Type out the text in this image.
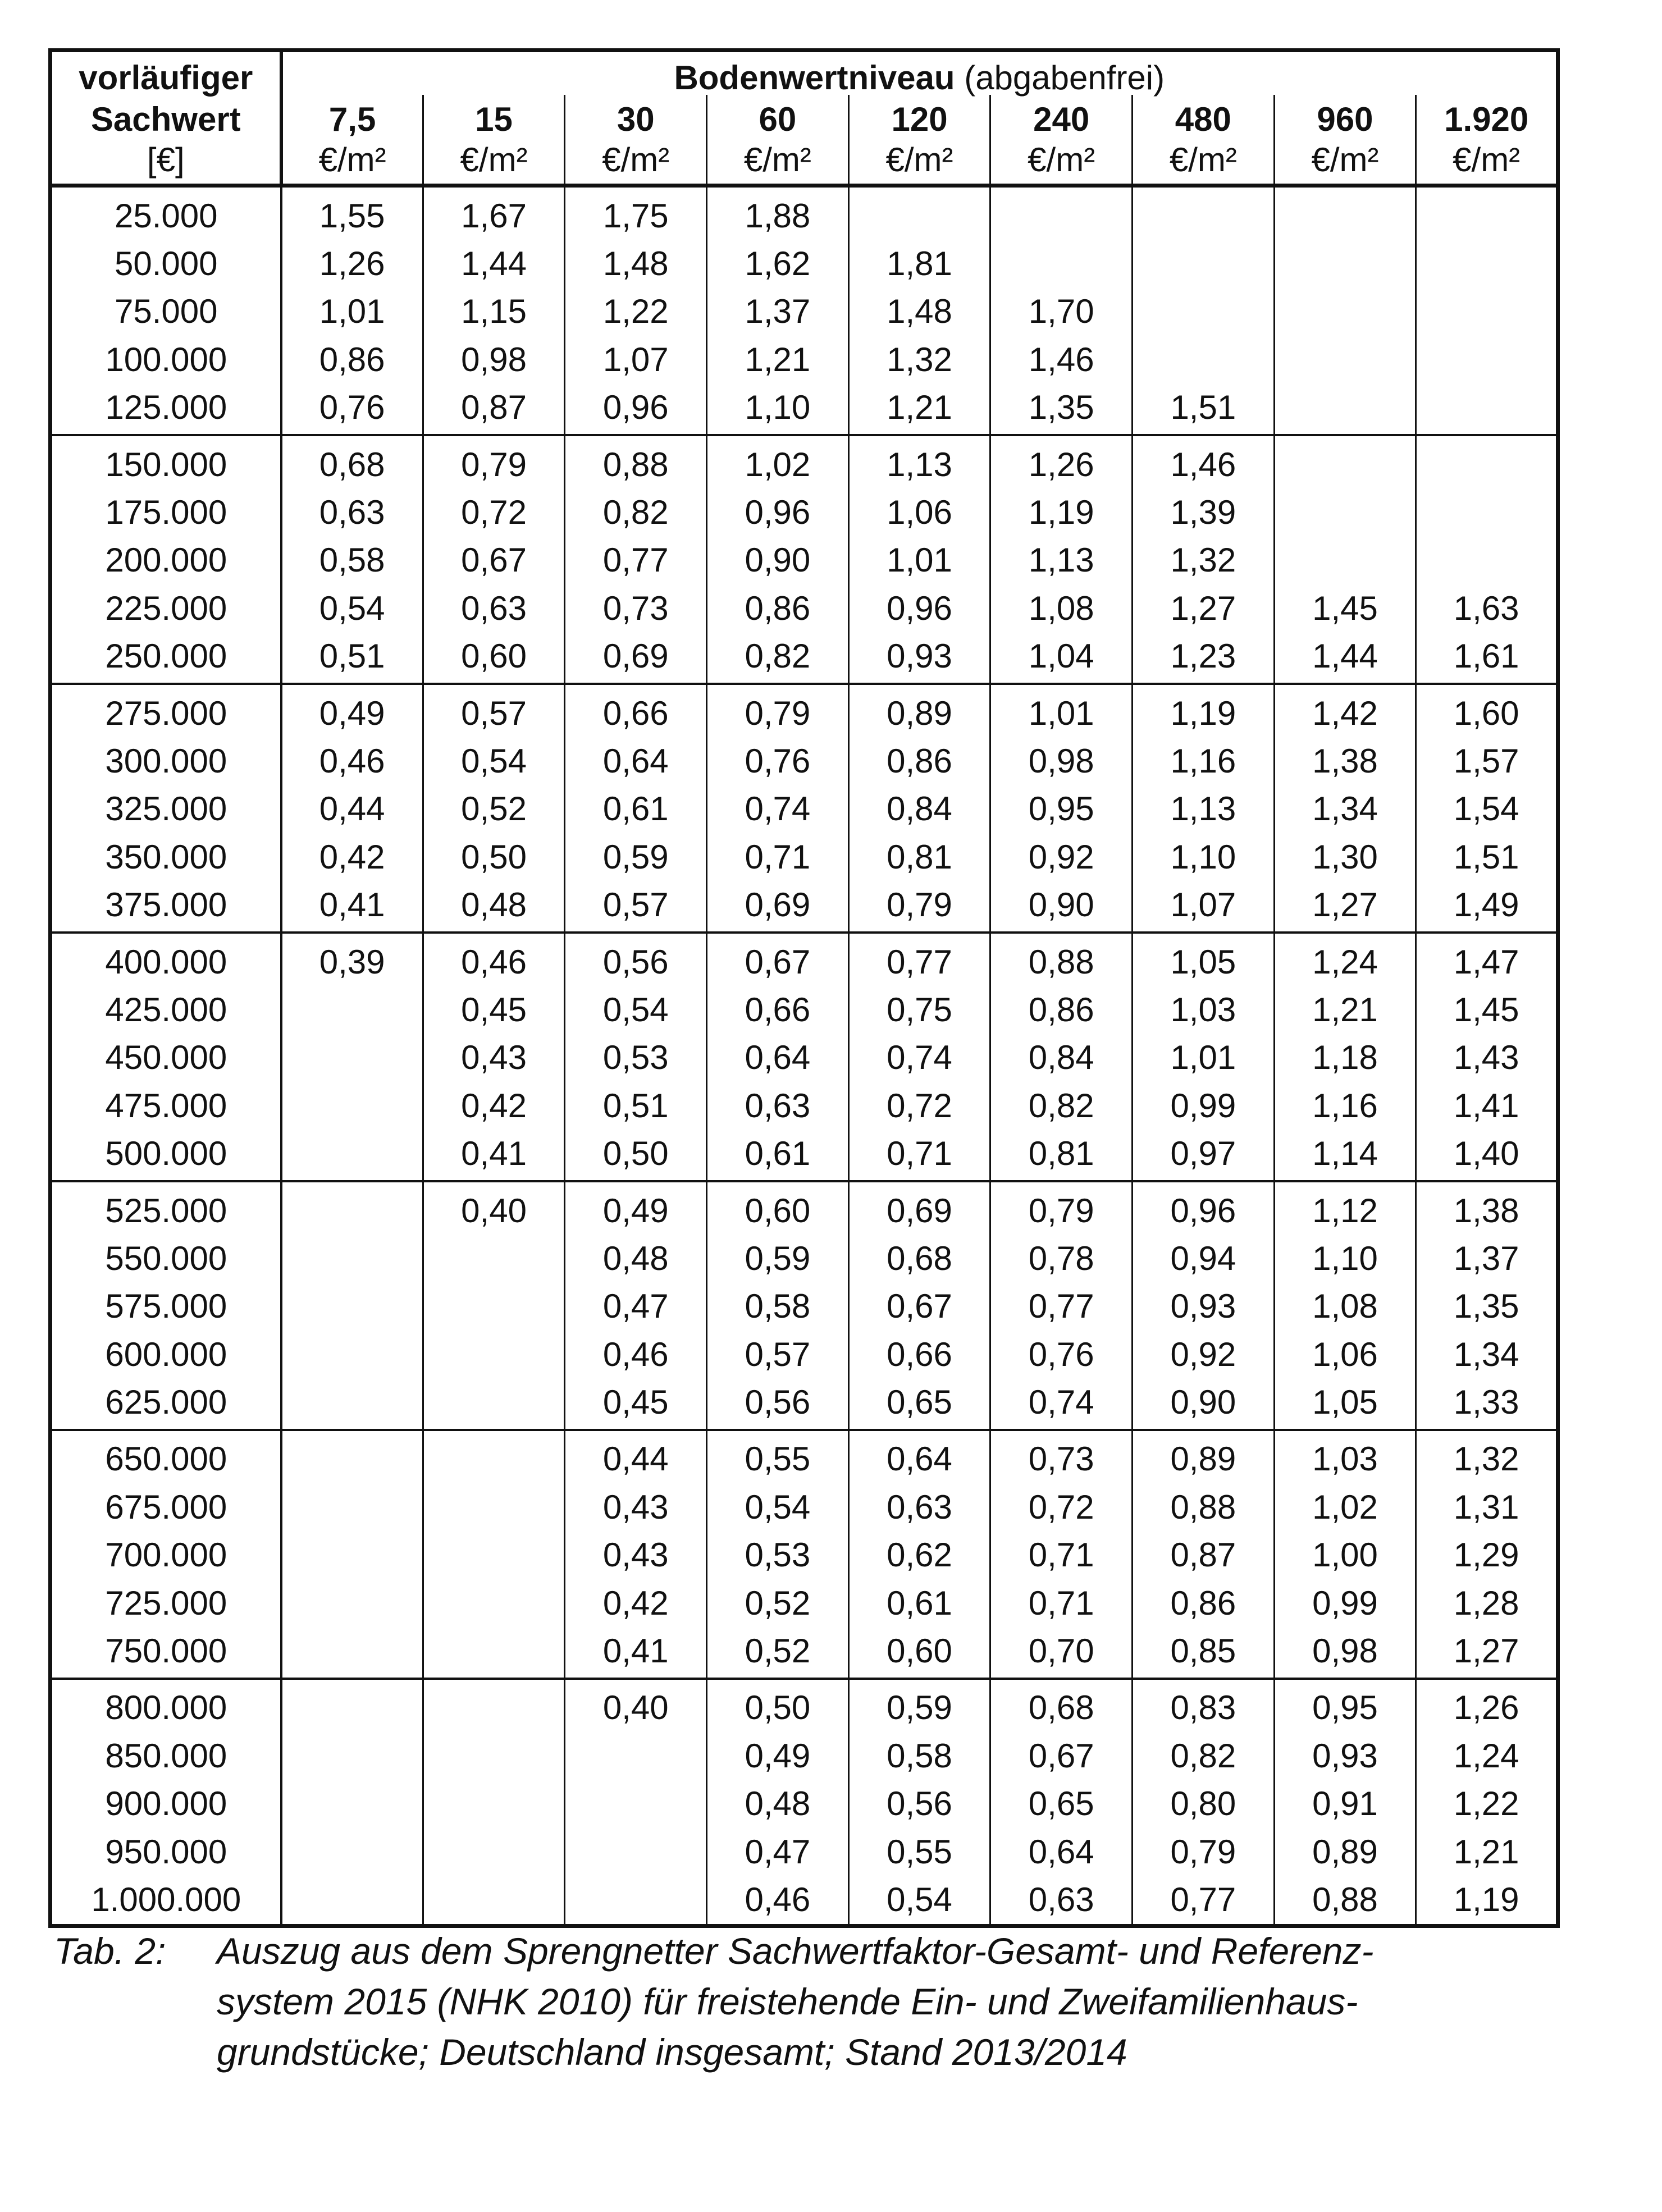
vorläufiger	Bodenwertniveau (abgabenfrei)								
Sachwert	7,5	15	30	60	120	240	480	960	1.920
[€]	€/m²	€/m²	€/m²	€/m²	€/m²	€/m²	€/m²	€/m²	€/m²
25.000	1,55	1,67	1,75	1,88					
50.000	1,26	1,44	1,48	1,62	1,81				
75.000	1,01	1,15	1,22	1,37	1,48	1,70			
100.000	0,86	0,98	1,07	1,21	1,32	1,46			
125.000	0,76	0,87	0,96	1,10	1,21	1,35	1,51		
150.000	0,68	0,79	0,88	1,02	1,13	1,26	1,46		
175.000	0,63	0,72	0,82	0,96	1,06	1,19	1,39		
200.000	0,58	0,67	0,77	0,90	1,01	1,13	1,32		
225.000	0,54	0,63	0,73	0,86	0,96	1,08	1,27	1,45	1,63
250.000	0,51	0,60	0,69	0,82	0,93	1,04	1,23	1,44	1,61
275.000	0,49	0,57	0,66	0,79	0,89	1,01	1,19	1,42	1,60
300.000	0,46	0,54	0,64	0,76	0,86	0,98	1,16	1,38	1,57
325.000	0,44	0,52	0,61	0,74	0,84	0,95	1,13	1,34	1,54
350.000	0,42	0,50	0,59	0,71	0,81	0,92	1,10	1,30	1,51
375.000	0,41	0,48	0,57	0,69	0,79	0,90	1,07	1,27	1,49
400.000	0,39	0,46	0,56	0,67	0,77	0,88	1,05	1,24	1,47
425.000		0,45	0,54	0,66	0,75	0,86	1,03	1,21	1,45
450.000		0,43	0,53	0,64	0,74	0,84	1,01	1,18	1,43
475.000		0,42	0,51	0,63	0,72	0,82	0,99	1,16	1,41
500.000		0,41	0,50	0,61	0,71	0,81	0,97	1,14	1,40
525.000		0,40	0,49	0,60	0,69	0,79	0,96	1,12	1,38
550.000			0,48	0,59	0,68	0,78	0,94	1,10	1,37
575.000			0,47	0,58	0,67	0,77	0,93	1,08	1,35
600.000			0,46	0,57	0,66	0,76	0,92	1,06	1,34
625.000			0,45	0,56	0,65	0,74	0,90	1,05	1,33
650.000			0,44	0,55	0,64	0,73	0,89	1,03	1,32
675.000			0,43	0,54	0,63	0,72	0,88	1,02	1,31
700.000			0,43	0,53	0,62	0,71	0,87	1,00	1,29
725.000			0,42	0,52	0,61	0,71	0,86	0,99	1,28
750.000			0,41	0,52	0,60	0,70	0,85	0,98	1,27
800.000			0,40	0,50	0,59	0,68	0,83	0,95	1,26
850.000				0,49	0,58	0,67	0,82	0,93	1,24
900.000				0,48	0,56	0,65	0,80	0,91	1,22
950.000				0,47	0,55	0,64	0,79	0,89	1,21
1.000.000				0,46	0,54	0,63	0,77	0,88	1,19
Tab. 2:	Auszug aus dem Sprengnetter Sachwertfaktor-Gesamt- und Referenz-
system 2015 (NHK 2010) für freistehende Ein- und Zweifamilienhaus-
grundstücke; Deutschland insgesamt; Stand 2013/2014
